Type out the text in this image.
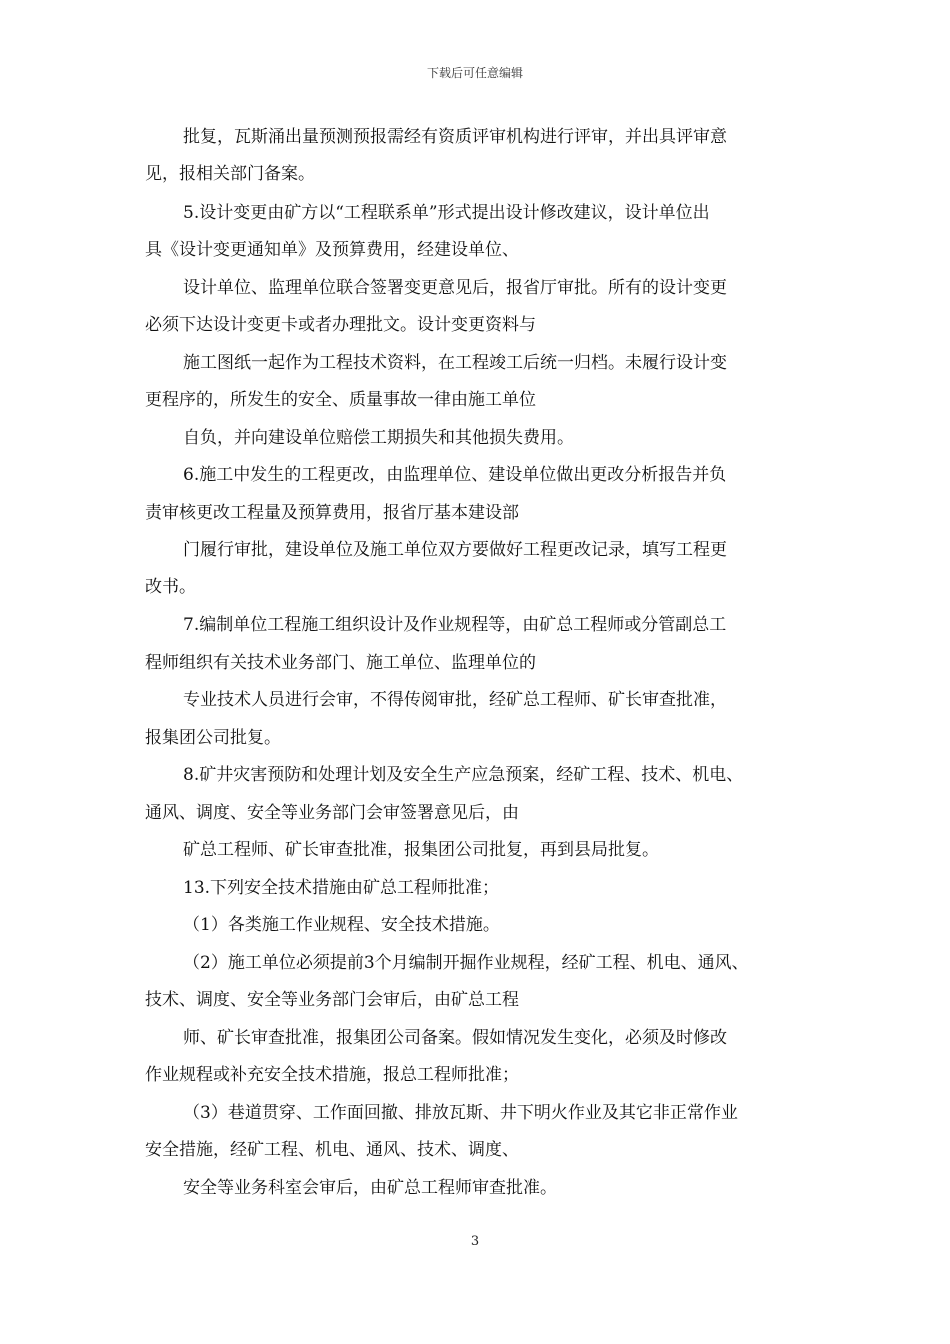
下载后可任意编辑
批复，瓦斯涌出量预测预报需经有资质评审机构进行评审，并出具评审意
见，报相关部门备案。
5.设计变更由矿方以“工程联系单”形式提出设计修改建议，设计单位出
具《设计变更通知单》及预算费用，经建设单位、
设计单位、监理单位联合签署变更意见后，报省厅审批。所有的设计变更
必须下达设计变更卡或者办理批文。设计变更资料与
施工图纸一起作为工程技术资料，在工程竣工后统一归档。未履行设计变
更程序的，所发生的安全、质量事故一律由施工单位
自负，并向建设单位赔偿工期损失和其他损失费用。
6.施工中发生的工程更改，由监理单位、建设单位做出更改分析报告并负
责审核更改工程量及预算费用，报省厅基本建设部
门履行审批，建设单位及施工单位双方要做好工程更改记录，填写工程更
改书。
7.编制单位工程施工组织设计及作业规程等，由矿总工程师或分管副总工
程师组织有关技术业务部门、施工单位、监理单位的
专业技术人员进行会审，不得传阅审批，经矿总工程师、矿长审查批准，
报集团公司批复。
8.矿井灾害预防和处理计划及安全生产应急预案，经矿工程、技术、机电、
通风、调度、安全等业务部门会审签署意见后，由
矿总工程师、矿长审查批准，报集团公司批复，再到县局批复。
13.下列安全技术措施由矿总工程师批准；
（1）各类施工作业规程、安全技术措施。
（2）施工单位必须提前3个月编制开掘作业规程，经矿工程、机电、通风、
技术、调度、安全等业务部门会审后，由矿总工程
师、矿长审查批准，报集团公司备案。假如情况发生变化，必须及时修改
作业规程或补充安全技术措施，报总工程师批准；
（3）巷道贯穿、工作面回撤、排放瓦斯、井下明火作业及其它非正常作业
安全措施，经矿工程、机电、通风、技术、调度、
安全等业务科室会审后，由矿总工程师审查批准。
3
